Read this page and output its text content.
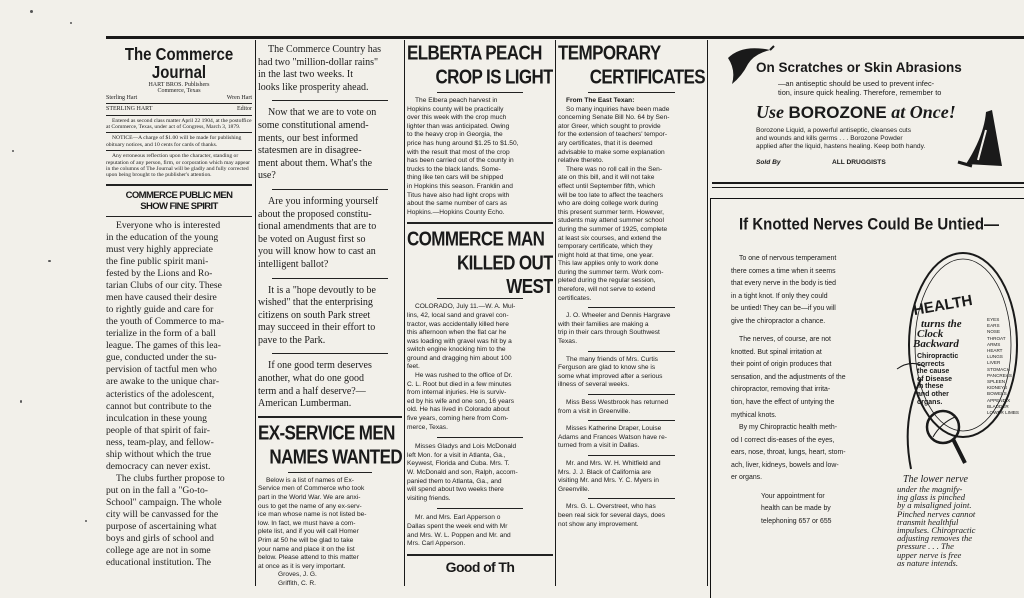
The Commerce Journal
HART BROS. Publishers
Commerce, Texas
Sterling Hart	Wren Hart
STERLING HART	Editor

Entered as second class matter April 22 1904, at the postoffice at Commerce, Texas, under act of Congress, March 3, 1879.

NOTICE—A charge of $1.00 will be made for publishing obituary notices, and 10 cents for cards of thanks.

Any erroneous reflection upon the character, standing or reputation of any person, firm, or corporation which may appear in the columns of The Journal will be gladly and fully corrected upon being brought to the publisher's attention.

COMMERCE PUBLIC MEN
SHOW FINE SPIRIT
Everyone who is interested
in the education of the young
must very highly appreciate
the fine public spirit mani-
fested by the Lions and Ro-
tarian Clubs of our city. These
men have caused their desire
to rightly guide and care for
the youth of Commerce to ma-
terialize in the form of a ball
league. The games of this lea-
gue, conducted under the su-
pervision of tactful men who
are awake to the unique char-
acteristics of the adolescent,
cannot but contribute to the
inculcation in these young
people of that spirit of fair-
ness, team-play, and fellow-
ship without which the true
democracy can never exist.
The clubs further propose to
put on in the fall a "Go-to-
School" campaign. The whole
city will be canvassed for the
purpose of ascertaining what
boys and girls of school and
college age are not in some
educational institution. The
The Commerce Country has
had two "million-dollar rains"
in the last two weeks. It
looks like prosperity ahead.
Now that we are to vote on
some constitutional amend-
ments, our best informed
statesmen are in disagree-
ment about them. What's the
use?
Are you informing yourself
about the proposed constitu-
tional amendments that are to
be voted on August first so
you will know how to cast an
intelligent ballot?
It is a "hope devoutly to be
wished" that the enterprising
citizens on south Park street
may succeed in their effort to
pave to the Park.
If one good term deserves
another, what do one good
term and a half deserve?—
American Lumberman.
EX-SERVICE MEN
NAMES WANTED
Below is a list of names of Ex-
Service men of Commerce who took
part in the World War. We are anxi-
ous to get the name of any ex-serv-
ice man whose name is not listed be-
low. In fact, we must have a com-
plete list, and if you will call Homer
Prim at 50 he will be glad to take
your name and place it on the list
below. Please attend to this matter
at once as it is very important.
Groves, J. G.
Griffith, C. R.
ELBERTA PEACH
CROP IS LIGHT
The Elbera peach harvest in
Hopkins county will be practically
over this week with the crop much
lighter than was anticipated. Owing
to the heavy crop in Georgia, the
price has hung around $1.25 to $1.50,
with the result that most of the crop
has been carried out of the county in
trucks to the black lands. Some-
thing like ten cars will be shipped
in Hopkins this season. Franklin and
Titus have also had light crops with
about the same number of cars as
Hopkins.—Hopkins County Echo.
COMMERCE MAN
KILLED OUT WEST
COLORADO, July 11.—W. A. Mul-
lins, 42, local sand and gravel con-
tractor, was accidentally killed here
this afternoon when the flat car he
was loading with gravel was hit by a
switch engine knocking him to the
ground and dragging him about 100
feet.
He was rushed to the office of Dr.
C. L. Root but died in a few minutes
from internal injuries. He is surviv-
ed by his wife and one son, 16 years
old. He has lived in Colorado about
five years, coming here from Com-
merce, Texas.
Misses Gladys and Lois McDonald
left Mon. for a visit in Atlanta, Ga.,
Keywest, Florida and Cuba. Mrs. T.
W. McDonald and son, Ralph, accom-
panied them to Atlanta, Ga., and
will spend about two weeks there
visiting friends.
Mr. and Mrs. Earl Apperson o
Dallas spent the week end with Mr
and Mrs. W. L. Poppen and Mr. and
Mrs. Carl Apperson.
Good of Th
TEMPORARY
CERTIFICATES
From The East Texan:
So many inquiries have been made
concerning Senate Bill No. 64 by Sen-
ator Greer, which sought to provide
for the extension of teachers' tempor-
ary certificates, that it is deemed
advisable to make some explanation
relative thereto.
There was no roll call in the Sen-
ate on this bill, and it will not take
effect until September fifth, which
will be too late to affect the teachers
who are doing college work during
this present summer term. However,
students may attend summer school
during the summer of 1925, complete
at least six courses, and extend the
temporary certificate, which they
might hold at that time, one year.
This law applies only to work done
during the summer term. Work com-
pleted during the regular session,
therefore, will not serve to extend
certificates.
J. O. Wheeler and Dennis Hargrave
with their families are making a
trip in their cars through Southwest
Texas.
The many friends of Mrs. Curtis
Ferguson are glad to know she is
some what improved after a serious
illness of several weeks.
Miss Bess Westbrook has returned
from a visit in Greenville.
Misses Katherine Draper, Louise
Adams and Frances Watson have re-
turned from a visit in Dallas.
Mr. and Mrs. W. H. Whitfield and
Mrs. J. J. Black of California are
visiting Mr. and Mrs. Y. C. Myers in
Greenville.
Mrs. G. L. Overstreet, who has
been real sick for several days, does
not show any improvement.
On Scratches or Skin Abrasions
—an antiseptic should be used to prevent infec-
tion, insure quick healing. Therefore, remember to
Use BOROZONE at Once!
Borozone Liquid, a powerful antiseptic, cleanses cuts
and wounds and kills germs . . . Borozone Powder
applied after the liquid, hastens healing. Keep both handy.
Sold By	ALL DRUGGISTS
If Knotted Nerves Could Be Untied—
To one of nervous temperament
there comes a time when it seems
that every nerve in the body is tied
in a tight knot. If only they could
be untied! They can be—if you will
give the chiropractor a chance.
The nerves, of course, are not
knotted. But spinal irritation at
their point of origin produces that
sensation, and the adjustments of the
chiropractor, removing that irrita-
tion, have the effect of untying the
mythical knots.
By my Chiropractic health meth-
od I correct dis-eases of the eyes,
ears, nose, throat, lungs, heart, stom-
ach, liver, kidneys, bowels and low-
er organs.
Your appointment for
health can be made by
telephoning 657 or 655
HEALTH
turns the
Clock
Backward
Chiropractic
corrects
the cause
of Disease
in these
and other
organs.
EYES
EARS
NOSE
THROAT
ARMS
HEART
LUNGS
LIVER
STOMACH
PANCREAS
SPLEEN
KIDNEYS
BOWELS
APPENDIX
BLADDER
LOWER LIMBS
The lower nerve
under the magnify-
ing glass is pinched
by a misaligned joint.
Pinched nerves cannot
transmit healthful
impulses. Chiropractic
adjusting removes the
pressure . . . The
upper nerve is free
as nature intends.
